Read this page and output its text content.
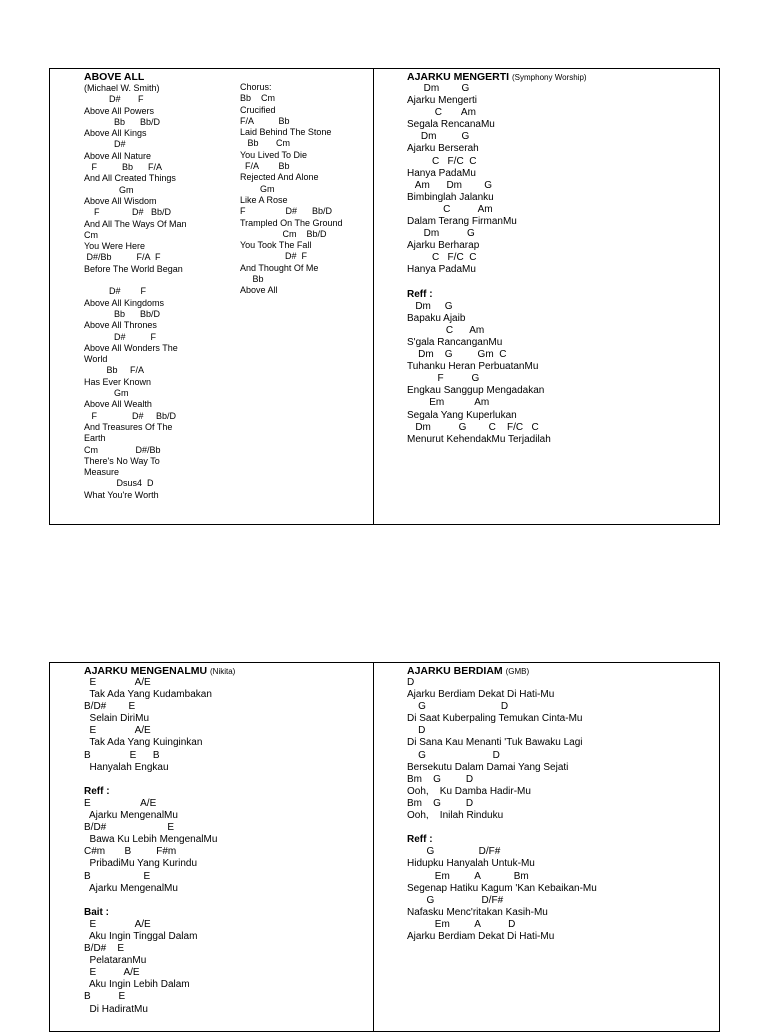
ABOVE ALL
(Michael W. Smith)
D#       F
Above All Powers
Bb      Bb/D
Above All Kings
D#
Above All Nature
F          Bb      F/A
And All Created Things
Gm
Above All Wisdom
F             D#   Bb/D
And All The Ways Of Man
Cm
You Were Here
D#/Bb          F/A  F
Before The World Began
D#        F
Above All Kingdoms
Bb      Bb/D
Above All Thrones
D#          F
Above All Wonders The
World
Bb     F/A
Has Ever Known
Gm
Above All Wealth
F              D#     Bb/D
And Treasures Of The
Earth
Cm               D#/Bb
There's No Way To
Measure
Dsus4  D
What You're Worth
Chorus:
Bb    Cm
Crucified
F/A          Bb
Laid Behind The Stone
Bb       Cm
You Lived To Die
F/A        Bb
Rejected And Alone
Gm
Like A Rose
F                D#      Bb/D
Trampled On The Ground
Cm    Bb/D
You Took The Fall
D#  F
And Thought Of Me
Bb
Above All
AJARKU MENGERTI (Symphony Worship)
Dm        G
Ajarku Mengerti
C       Am
Segala RencanaMu
Dm         G
Ajarku Berserah
C   F/C  C
Hanya PadaMu
Am      Dm        G
Bimbinglah Jalanku
C          Am
Dalam Terang FirmanMu
Dm          G
Ajarku Berharap
C   F/C  C
Hanya PadaMu
Reff :
Dm     G
Bapaku Ajaib
C      Am
S'gala RancanganMu
Dm    G         Gm  C
Tuhanku Heran PerbuatanMu
F          G
Engkau Sanggup Mengadakan
Em           Am
Segala Yang Kuperlukan
Dm          G        C    F/C   C
Menurut KehendakMu Terjadilah
AJARKU MENGENALMU (Nikita)
E              A/E
Tak Ada Yang Kudambakan
B/D#        E
Selain DiriMu
E              A/E
Tak Ada Yang Kuinginkan
B              E      B
Hanyalah Engkau
Reff :
E                  A/E
Ajarku MengenalMu
B/D#                      E
Bawa Ku Lebih MengenalMu
C#m       B         F#m
PribadiMu Yang Kurindu
B                   E
Ajarku MengenalMu
Bait :
E              A/E
Aku Ingin Tinggal Dalam
B/D#    E
PelataranMu
E          A/E
Aku Ingin Lebih Dalam
B          E
Di HadiratMu
AJARKU BERDIAM (GMB)
D
Ajarku Berdiam Dekat Di Hati-Mu
G                           D
Di Saat Kuberpaling Temukan Cinta-Mu
D
Di Sana Kau Menanti 'Tuk Bawaku Lagi
G                        D
Bersekutu Dalam Damai Yang Sejati
Bm    G         D
Ooh,    Ku Damba Hadir-Mu
Bm    G         D
Ooh,    Inilah Rinduku
Reff :
G                D/F#
Hidupku Hanyalah Untuk-Mu
Em         A            Bm
Segenap Hatiku Kagum 'Kan Kebaikan-Mu
G                 D/F#
Nafasku Menc'ritakan Kasih-Mu
Em         A          D
Ajarku Berdiam Dekat Di Hati-Mu
